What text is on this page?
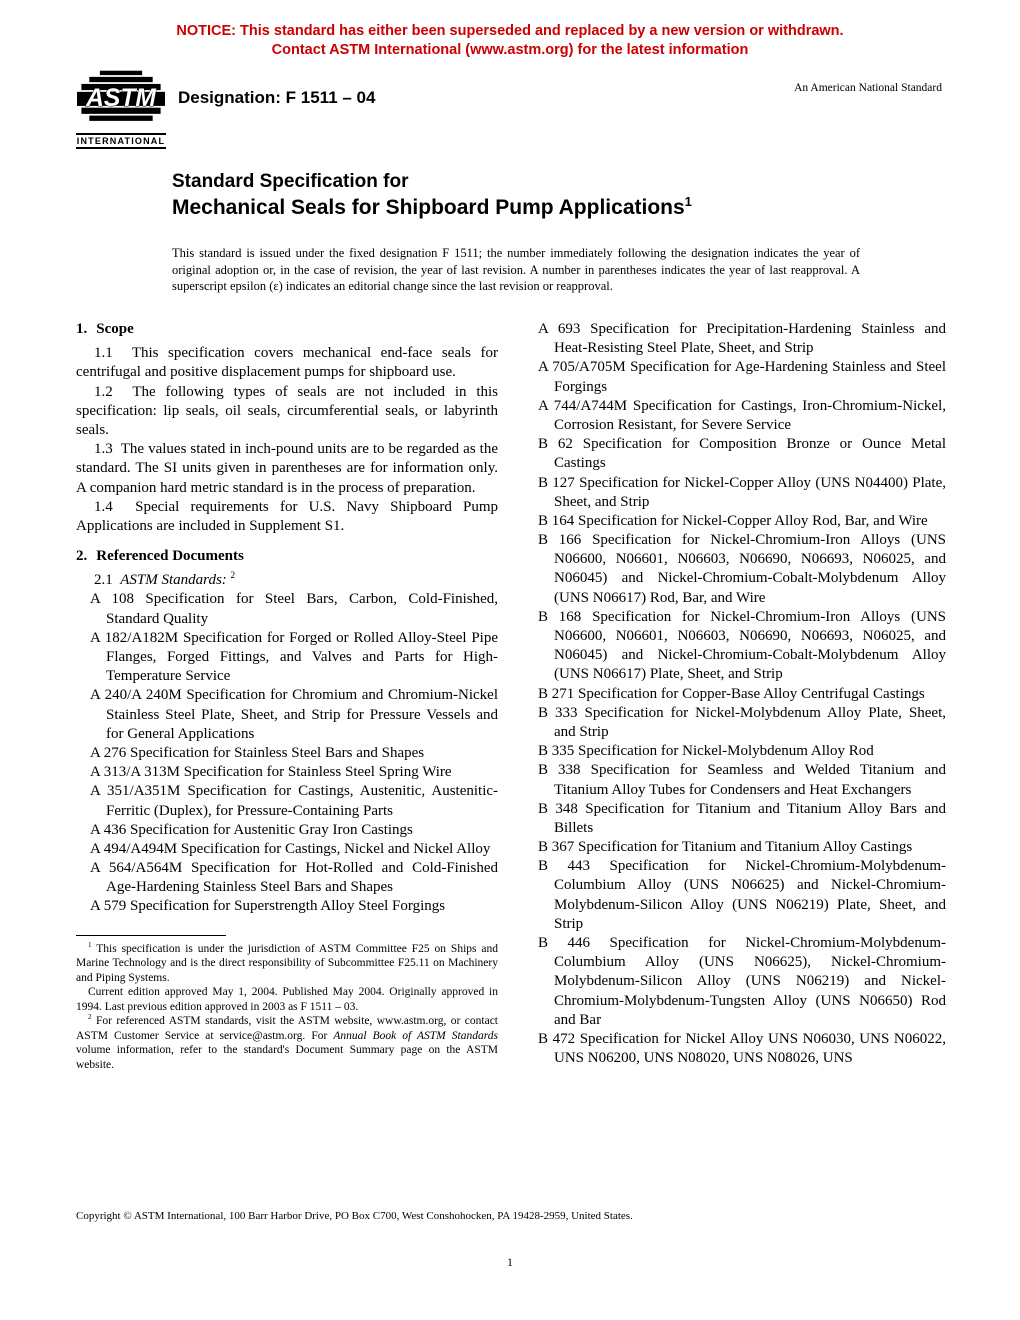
NOTICE: This standard has either been superseded and replaced by a new version or withdrawn.
Contact ASTM International (www.astm.org) for the latest information
ASTM
INTERNATIONAL
Designation: F 1511 – 04	An American National Standard
Standard Specification for
Mechanical Seals for Shipboard Pump Applications$^1$
This standard is issued under the fixed designation F 1511; the number immediately following the designation indicates the year of original adoption or, in the case of revision, the year of last revision. A number in parentheses indicates the year of last reapproval. A superscript epsilon (ε) indicates an editorial change since the last revision or reapproval.

1. Scope

1.1 This specification covers mechanical end-face seals for centrifugal and positive displacement pumps for shipboard use.

1.2 The following types of seals are not included in this specification: lip seals, oil seals, circumferential seals, or labyrinth seals.

1.3 The values stated in inch-pound units are to be regarded as the standard. The SI units given in parentheses are for information only. A companion hard metric standard is in the process of preparation.

1.4 Special requirements for U.S. Navy Shipboard Pump Applications are included in Supplement S1.

2. Referenced Documents

2.1 ASTM Standards: $^2$

A 108 Specification for Steel Bars, Carbon, Cold-Finished, Standard Quality

A 182/A182M Specification for Forged or Rolled Alloy-Steel Pipe Flanges, Forged Fittings, and Valves and Parts for High-Temperature Service

A 240/A 240M Specification for Chromium and Chromium-Nickel Stainless Steel Plate, Sheet, and Strip for Pressure Vessels and for General Applications

A 276 Specification for Stainless Steel Bars and Shapes

A 313/A 313M Specification for Stainless Steel Spring Wire

A 351/A351M Specification for Castings, Austenitic, Austenitic-Ferritic (Duplex), for Pressure-Containing Parts

A 436 Specification for Austenitic Gray Iron Castings

A 494/A494M Specification for Castings, Nickel and Nickel Alloy

A 564/A564M Specification for Hot-Rolled and Cold-Finished Age-Hardening Stainless Steel Bars and Shapes

A 579 Specification for Superstrength Alloy Steel Forgings

$^1$ This specification is under the jurisdiction of ASTM Committee F25 on Ships and Marine Technology and is the direct responsibility of Subcommittee F25.11 on Machinery and Piping Systems.

Current edition approved May 1, 2004. Published May 2004. Originally approved in 1994. Last previous edition approved in 2003 as F 1511 – 03.

$^2$ For referenced ASTM standards, visit the ASTM website, www.astm.org, or contact ASTM Customer Service at service@astm.org. For Annual Book of ASTM Standards volume information, refer to the standard's Document Summary page on the ASTM website.

A 693 Specification for Precipitation-Hardening Stainless and Heat-Resisting Steel Plate, Sheet, and Strip

A 705/A705M Specification for Age-Hardening Stainless and Steel Forgings

A 744/A744M Specification for Castings, Iron-Chromium-Nickel, Corrosion Resistant, for Severe Service

B 62 Specification for Composition Bronze or Ounce Metal Castings

B 127 Specification for Nickel-Copper Alloy (UNS N04400) Plate, Sheet, and Strip

B 164 Specification for Nickel-Copper Alloy Rod, Bar, and Wire

B 166 Specification for Nickel-Chromium-Iron Alloys (UNS N06600, N06601, N06603, N06690, N06693, N06025, and N06045) and Nickel-Chromium-Cobalt-Molybdenum Alloy (UNS N06617) Rod, Bar, and Wire

B 168 Specification for Nickel-Chromium-Iron Alloys (UNS N06600, N06601, N06603, N06690, N06693, N06025, and N06045) and Nickel-Chromium-Cobalt-Molybdenum Alloy (UNS N06617) Plate, Sheet, and Strip

B 271 Specification for Copper-Base Alloy Centrifugal Castings

B 333 Specification for Nickel-Molybdenum Alloy Plate, Sheet, and Strip

B 335 Specification for Nickel-Molybdenum Alloy Rod

B 338 Specification for Seamless and Welded Titanium and Titanium Alloy Tubes for Condensers and Heat Exchangers

B 348 Specification for Titanium and Titanium Alloy Bars and Billets

B 367 Specification for Titanium and Titanium Alloy Castings

B 443 Specification for Nickel-Chromium-Molybdenum-Columbium Alloy (UNS N06625) and Nickel-Chromium-Molybdenum-Silicon Alloy (UNS N06219) Plate, Sheet, and Strip

B 446 Specification for Nickel-Chromium-Molybdenum-Columbium Alloy (UNS N06625), Nickel-Chromium-Molybdenum-Silicon Alloy (UNS N06219) and Nickel-Chromium-Molybdenum-Tungsten Alloy (UNS N06650) Rod and Bar

B 472 Specification for Nickel Alloy UNS N06030, UNS N06022, UNS N06200, UNS N08020, UNS N08026, UNS

Copyright © ASTM International, 100 Barr Harbor Drive, PO Box C700, West Conshohocken, PA 19428-2959, United States.
1
